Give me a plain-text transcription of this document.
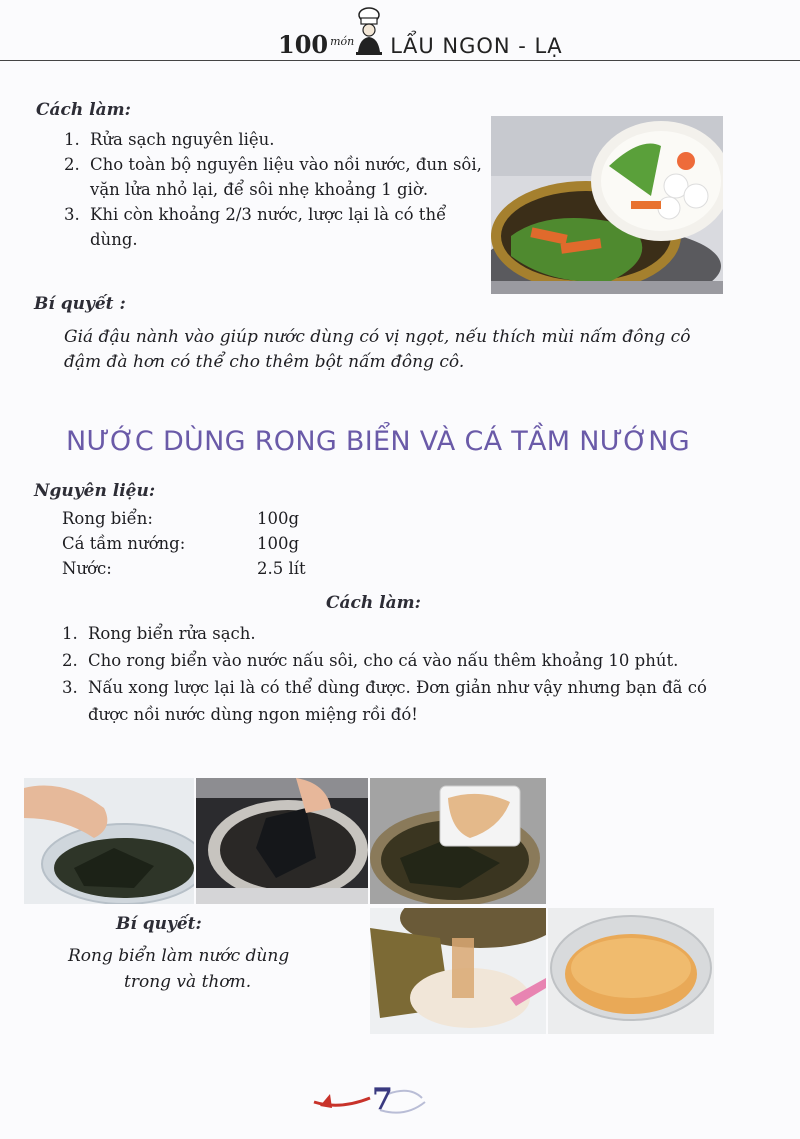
100 $^{món}$ LẨU NGON - LẠ
Cách làm:
1. Rửa sạch nguyên liệu.
2. Cho toàn bộ nguyên liệu vào nồi nước, đun sôi, vặn lửa nhỏ lại, để sôi nhẹ khoảng 1 giờ.
3. Khi còn khoảng 2/3 nước, lược lại là có thể dùng.
Bí quyết :
Giá đậu nành vào giúp nước dùng có vị ngọt, nếu thích mùi nấm đông cô đậm đà hơn có thể cho thêm bột nấm đông cô.
NƯỚC DÙNG RONG BIỂN VÀ CÁ TẦM NƯỚNG
Nguyên liệu:
Rong biển:	100g
Cá tầm nướng:	100g
Nước:	2.5 lít
Cách làm:
1. Rong biển rửa sạch.
2. Cho rong biển vào nước nấu sôi, cho cá vào nấu thêm khoảng 10 phút.
3. Nấu xong lược lại là có thể dùng được. Đơn giản như vậy nhưng bạn đã có được nồi nước dùng ngon miệng rồi đó!
Bí quyết:
Rong biển làm nước dùng
trong và thơm.
7
